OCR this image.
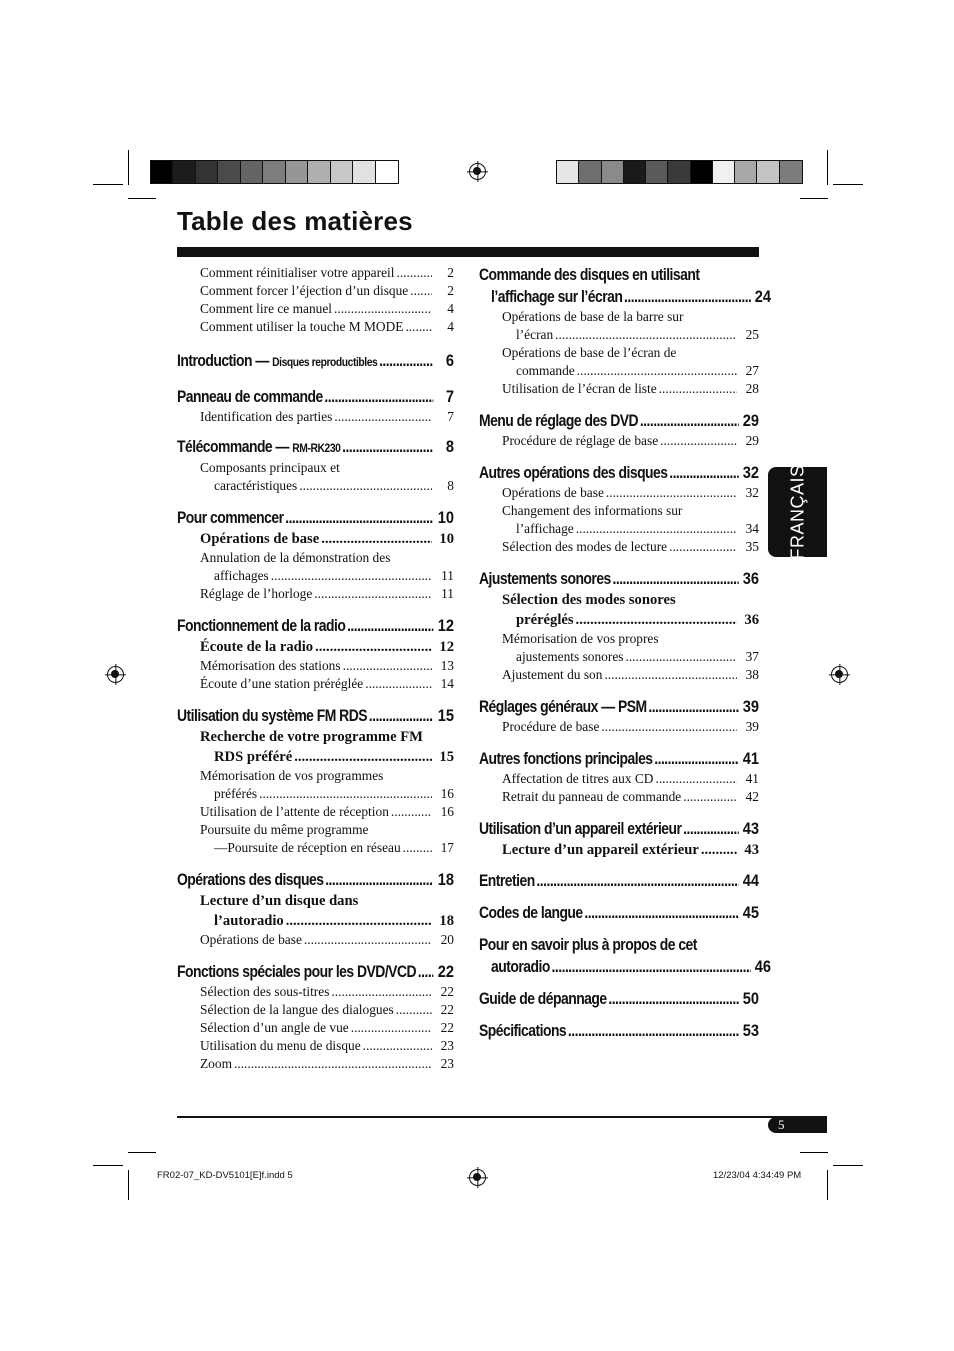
Table des matières
Comment réinitialiser votre appareil .....	2
Comment forcer l’éjection d’un disque .....	2
Comment lire ce manuel .....	4
Comment utiliser la touche M MODE .....	4
Introduction — Disques reproductibles .....	6
Panneau de commande .....	7
Identification des parties .....	7
Télécommande — RM-RK230 .....	8
Composants principaux et
caractéristiques .....	8
Pour commencer .....	10
Opérations de base .....	10
Annulation de la démonstration des
affichages .....	11
Réglage de l’horloge .....	11
Fonctionnement de la radio .....	12
Écoute de la radio .....	12
Mémorisation des stations .....	13
Écoute d’une station préréglée .....	14
Utilisation du système FM RDS .....	15
Recherche de votre programme FM
RDS préféré .....	15
Mémorisation de vos programmes
préférés .....	16
Utilisation de l’attente de réception .....	16
Poursuite du même programme
—Poursuite de réception en réseau .....	17
Opérations des disques .....	18
Lecture d’un disque dans
l’autoradio .....	18
Opérations de base .....	20
Fonctions spéciales pour les DVD/VCD ..... 22
Sélection des sous-titres .....	22
Sélection de la langue des dialogues .....	22
Sélection d’un angle de vue .....	22
Utilisation du menu de disque .....	23
Zoom .....	23
Commande des disques en utilisant
l’affichage sur l’écran .....	24
Opérations de base de la barre sur
l’écran .....	25
Opérations de base de l’écran de
commande .....	27
Utilisation de l’écran de liste .....	28
Menu de réglage des DVD .....	29
Procédure de réglage de base .....	29
Autres opérations des disques .....	32
Opérations de base .....	32
Changement des informations sur
l’affichage .....	34
Sélection des modes de lecture .....	35
Ajustements sonores .....	36
Sélection des modes sonores
préréglés .....	36
Mémorisation de vos propres
ajustements sonores .....	37
Ajustement du son .....	38
Réglages généraux — PSM .....	39
Procédure de base .....	39
Autres fonctions principales .....	41
Affectation de titres aux CD .....	41
Retrait du panneau de commande .....	42
Utilisation d’un appareil extérieur .....	43
Lecture d’un appareil extérieur .....	43
Entretien .....	44
Codes de langue .....	45
Pour en savoir plus à propos de cet
autoradio .....	46
Guide de dépannage .....	50
Spécifications .....	53
FRANÇAIS
5
FR02-07_KD-DV5101[E]f.indd 5	12/23/04 4:34:49 PM
